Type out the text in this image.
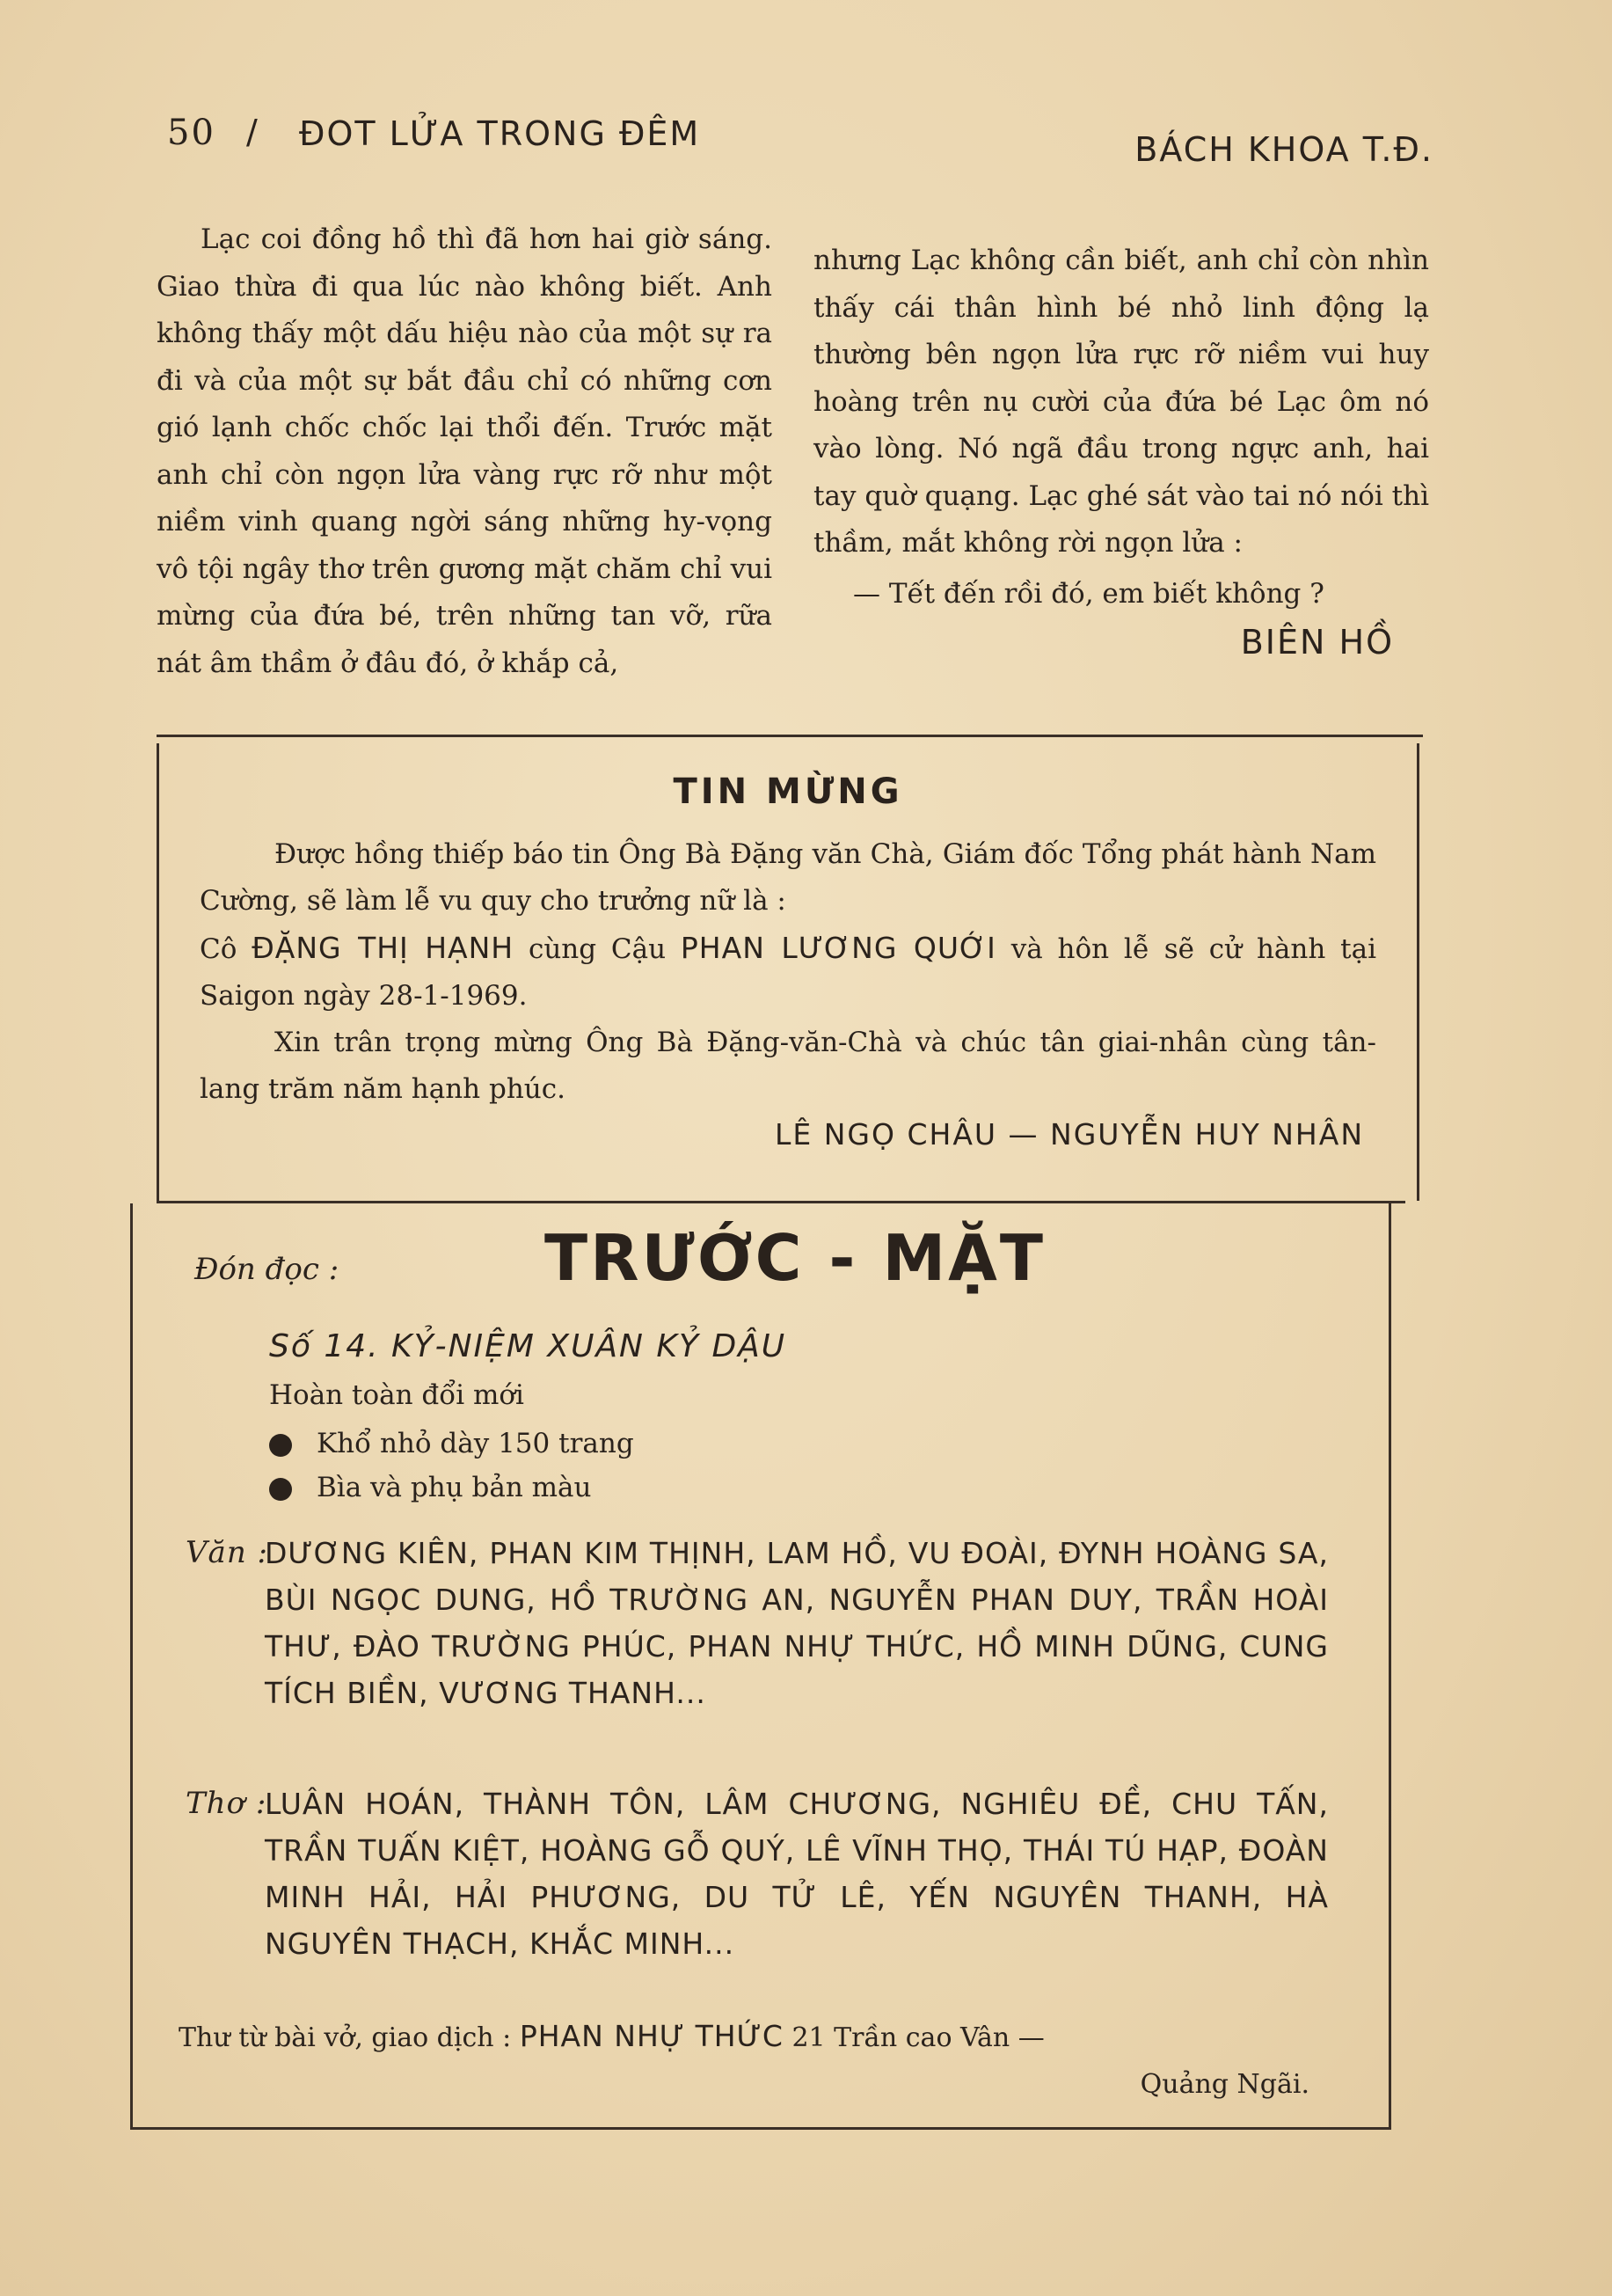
50 / ĐOT LỬA TRONG ĐÊM	BÁCH KHOA T.Đ.

Lạc coi đồng hồ thì đã hơn hai giờ sáng. Giao thừa đi qua lúc nào không biết. Anh không thấy một dấu hiệu nào của một sự ra đi và của một sự bắt đầu chỉ có những cơn gió lạnh chốc chốc lại thổi đến. Trước mặt anh chỉ còn ngọn lửa vàng rực rỡ như một niềm vinh quang ngời sáng những hy-vọng vô tội ngây thơ trên gương mặt chăm chỉ vui mừng của đứa bé, trên những tan vỡ, rữa nát âm thầm ở đâu đó, ở khắp cả,

nhưng Lạc không cần biết, anh chỉ còn nhìn thấy cái thân hình bé nhỏ linh động lạ thường bên ngọn lửa rực rỡ niềm vui huy hoàng trên nụ cười của đứa bé Lạc ôm nó vào lòng. Nó ngã đầu trong ngực anh, hai tay quờ quạng. Lạc ghé sát vào tai nó nói thì thầm, mắt không rời ngọn lửa :

— Tết đến rồi đó, em biết không ?
BIÊN HỒ
TIN MỪNG

Được hồng thiếp báo tin Ông Bà Đặng văn Chà, Giám đốc Tổng phát hành Nam Cường, sẽ làm lễ vu quy cho trưởng nữ là :

Cô ĐẶNG THỊ HẠNH cùng Cậu PHAN LƯƠNG QUỚI và hôn lễ sẽ cử hành tại Saigon ngày 28-1-1969.

Xin trân trọng mừng Ông Bà Đặng-văn-Chà và chúc tân giai-nhân cùng tân-lang trăm năm hạnh phúc.

LÊ NGỌ CHÂU — NGUYỄN HUY NHÂN
Đón đọc :	TRƯỚC - MẶT
Số 14. KỶ-NIỆM XUÂN KỶ DẬU
Hoàn toàn đổi mới
Khổ nhỏ dày 150 trang
Bìa và phụ bản màu
Văn :
DƯƠNG KIÊN, PHAN KIM THỊNH, LAM HỒ, VU ĐOÀI, ĐYNH HOÀNG SA, BÙI NGỌC DUNG, HỒ TRƯỜNG AN, NGUYỄN PHAN DUY, TRẦN HOÀI THƯ, ĐÀO TRƯỜNG PHÚC, PHAN NHỰ THỨC, HỒ MINH DŨNG, CUNG TÍCH BIỀN, VƯƠNG THANH...
Thơ :
LUÂN HOÁN, THÀNH TÔN, LÂM CHƯƠNG, NGHIÊU ĐỀ, CHU TẤN, TRẦN TUẤN KIỆT, HOÀNG GỖ QUÝ, LÊ VĨNH THỌ, THÁI TÚ HẠP, ĐOÀN MINH HẢI, HẢI PHƯƠNG, DU TỬ LÊ, YẾN NGUYÊN THANH, HÀ NGUYÊN THẠCH, KHẮC MINH...
Thư từ bài vở, giao dịch : PHAN NHỰ THỨC 21 Trần cao Vân —
Quảng Ngãi.
